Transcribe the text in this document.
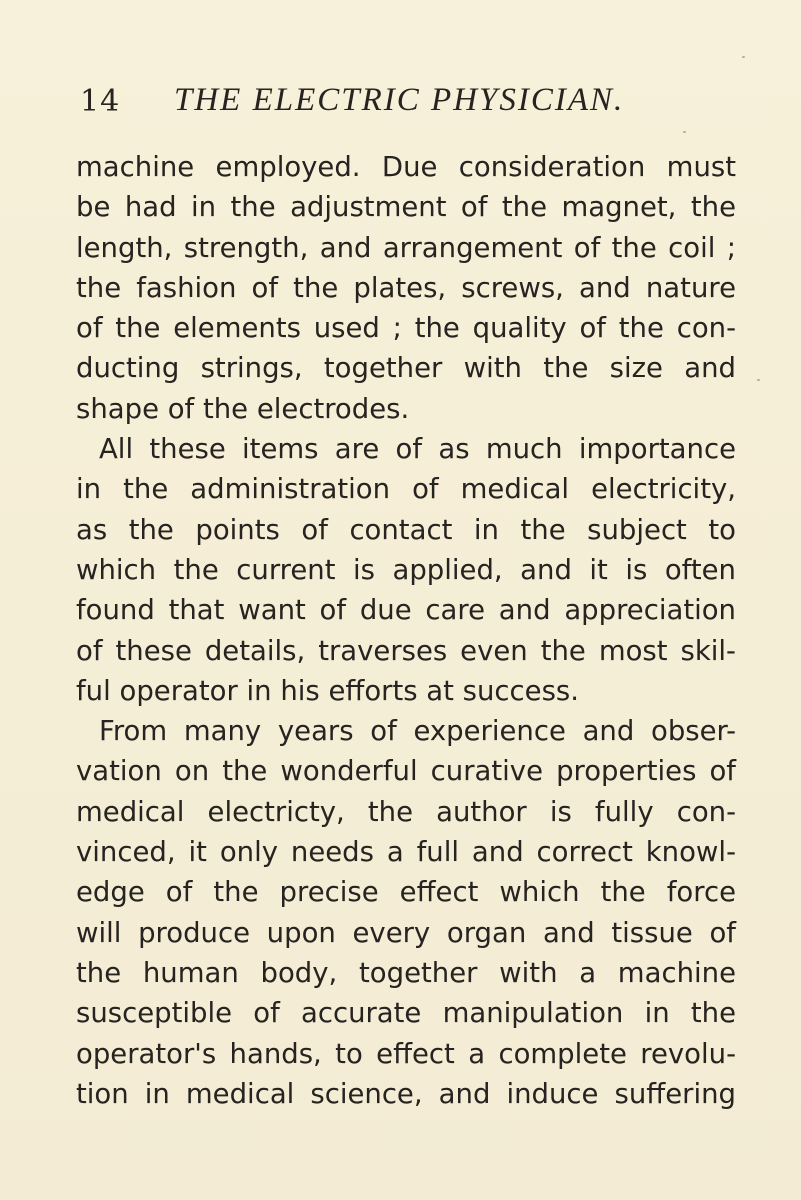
14 THE ELECTRIC PHYSICIAN.
machine employed. Due consideration must
be had in the adjustment of the magnet, the
length, strength, and arrangement of the coil ;
the fashion of the plates, screws, and nature
of the elements used ; the quality of the con-
ducting strings, together with the size and
shape of the electrodes.
All these items are of as much importance
in the administration of medical electricity,
as the points of contact in the subject to
which the current is applied, and it is often
found that want of due care and appreciation
of these details, traverses even the most skil-
ful operator in his efforts at success.
From many years of experience and obser-
vation on the wonderful curative properties of
medical electricty, the author is fully con-
vinced, it only needs a full and correct knowl-
edge of the precise effect which the force
will produce upon every organ and tissue of
the human body, together with a machine
susceptible of accurate manipulation in the
operator's hands, to effect a complete revolu-
tion in medical science, and induce suffering
